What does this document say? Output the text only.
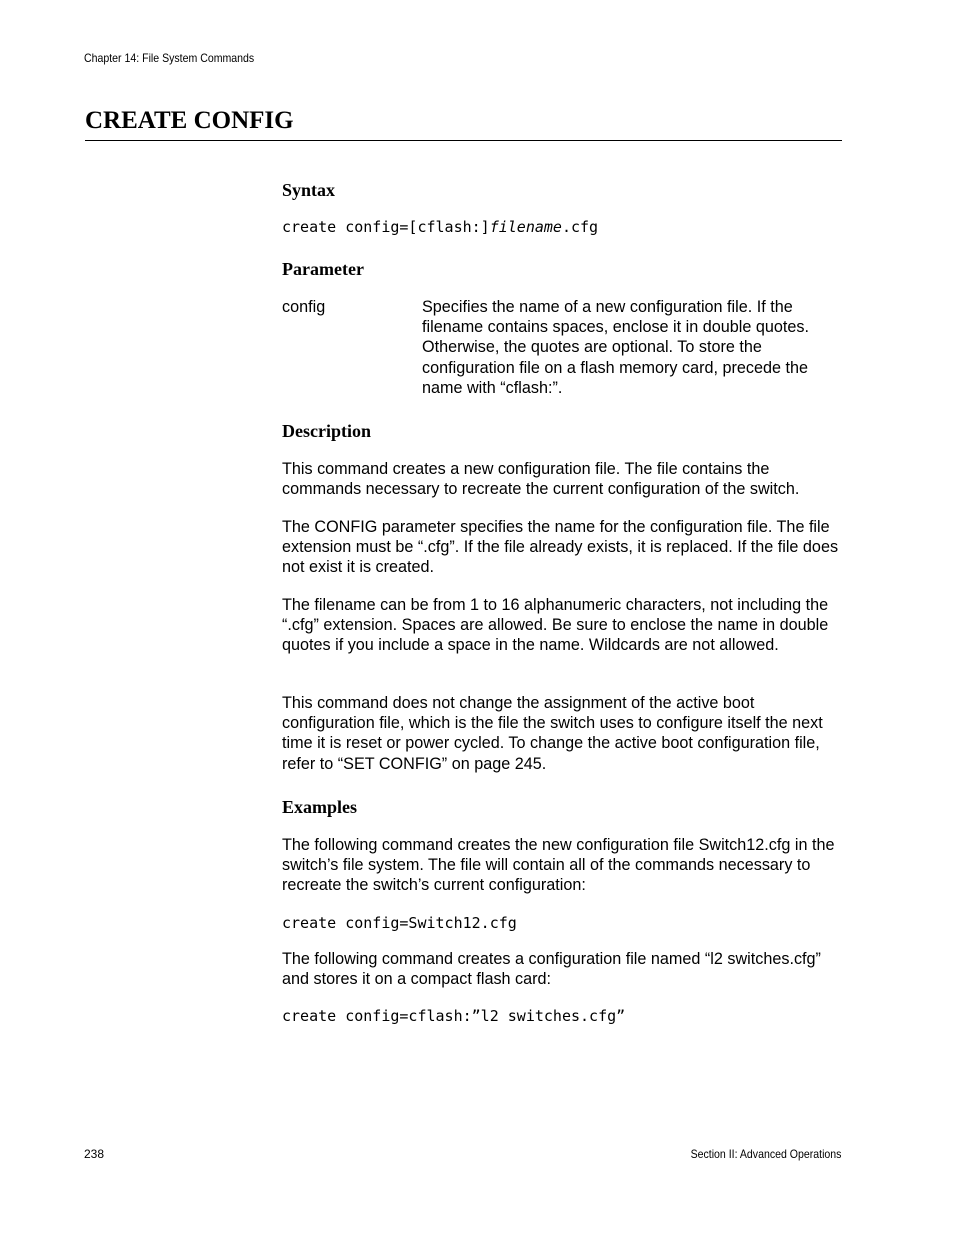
Chapter 14: File System Commands
CREATE CONFIG
Syntax
create config=[cflash:]filename.cfg
Parameter
config	Specifies the name of a new configuration file. If the filename contains spaces, enclose it in double quotes. Otherwise, the quotes are optional. To store the configuration file on a flash memory card, precede the name with “cflash:”.

Description

This command creates a new configuration file. The file contains the commands necessary to recreate the current configuration of the switch.

The CONFIG parameter specifies the name for the configuration file. The file extension must be “.cfg”. If the file already exists, it is replaced. If the file does not exist it is created.

The filename can be from 1 to 16 alphanumeric characters, not including the “.cfg” extension. Spaces are allowed. Be sure to enclose the name in double quotes if you include a space in the name. Wildcards are not allowed.

This command does not change the assignment of the active boot configuration file, which is the file the switch uses to configure itself the next time it is reset or power cycled. To change the active boot configuration file, refer to “SET CONFIG” on page 245.

Examples

The following command creates the new configuration file Switch12.cfg in the switch’s file system. The file will contain all of the commands necessary to recreate the switch’s current configuration:

create config=Switch12.cfg

The following command creates a configuration file named “l2 switches.cfg” and stores it on a compact flash card:

create config=cflash:”l2 switches.cfg”
238	Section II: Advanced Operations
